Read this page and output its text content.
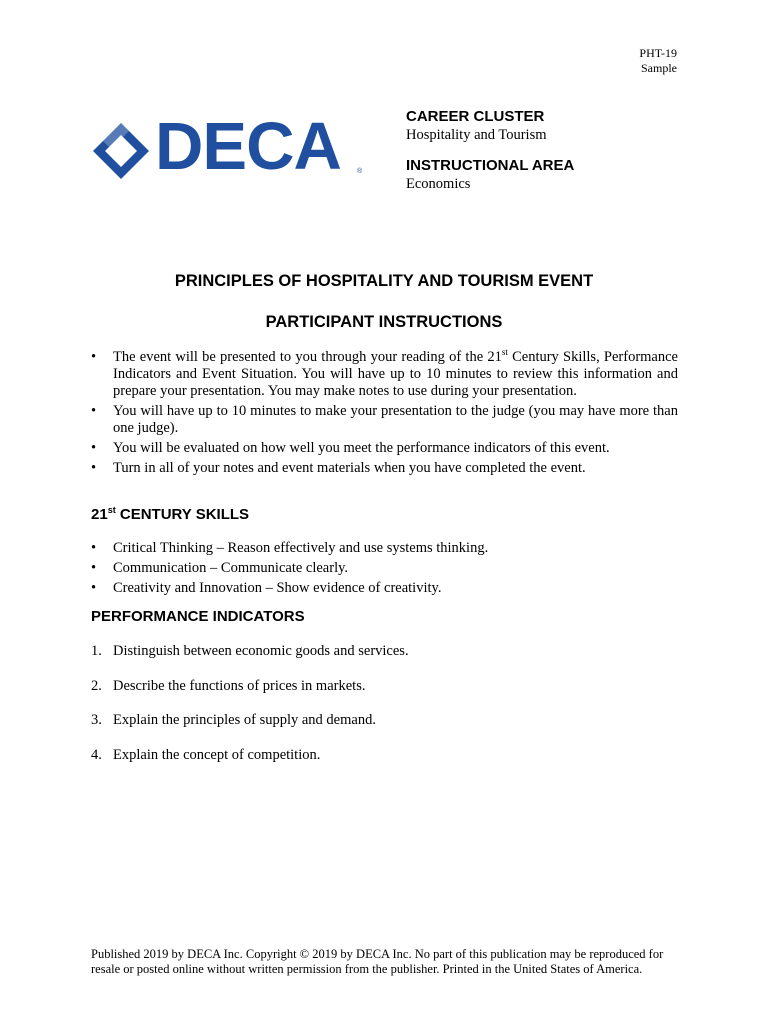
PHT-19
Sample
DECA ®
CAREER CLUSTER
Hospitality and Tourism
INSTRUCTIONAL AREA
Economics
PRINCIPLES OF HOSPITALITY AND TOURISM EVENT
PARTICIPANT INSTRUCTIONS
• The event will be presented to you through your reading of the 21st Century Skills, Performance Indicators and Event Situation. You will have up to 10 minutes to review this information and prepare your presentation. You may make notes to use during your presentation.
• You will have up to 10 minutes to make your presentation to the judge (you may have more than one judge).
• You will be evaluated on how well you meet the performance indicators of this event.
• Turn in all of your notes and event materials when you have completed the event.
21st CENTURY SKILLS
• Critical Thinking – Reason effectively and use systems thinking.
• Communication – Communicate clearly.
• Creativity and Innovation – Show evidence of creativity.
PERFORMANCE INDICATORS
1. Distinguish between economic goods and services.
2. Describe the functions of prices in markets.
3. Explain the principles of supply and demand.
4. Explain the concept of competition.
Published 2019 by DECA Inc. Copyright © 2019 by DECA Inc. No part of this publication may be reproduced for resale or posted online without written permission from the publisher. Printed in the United States of America.
